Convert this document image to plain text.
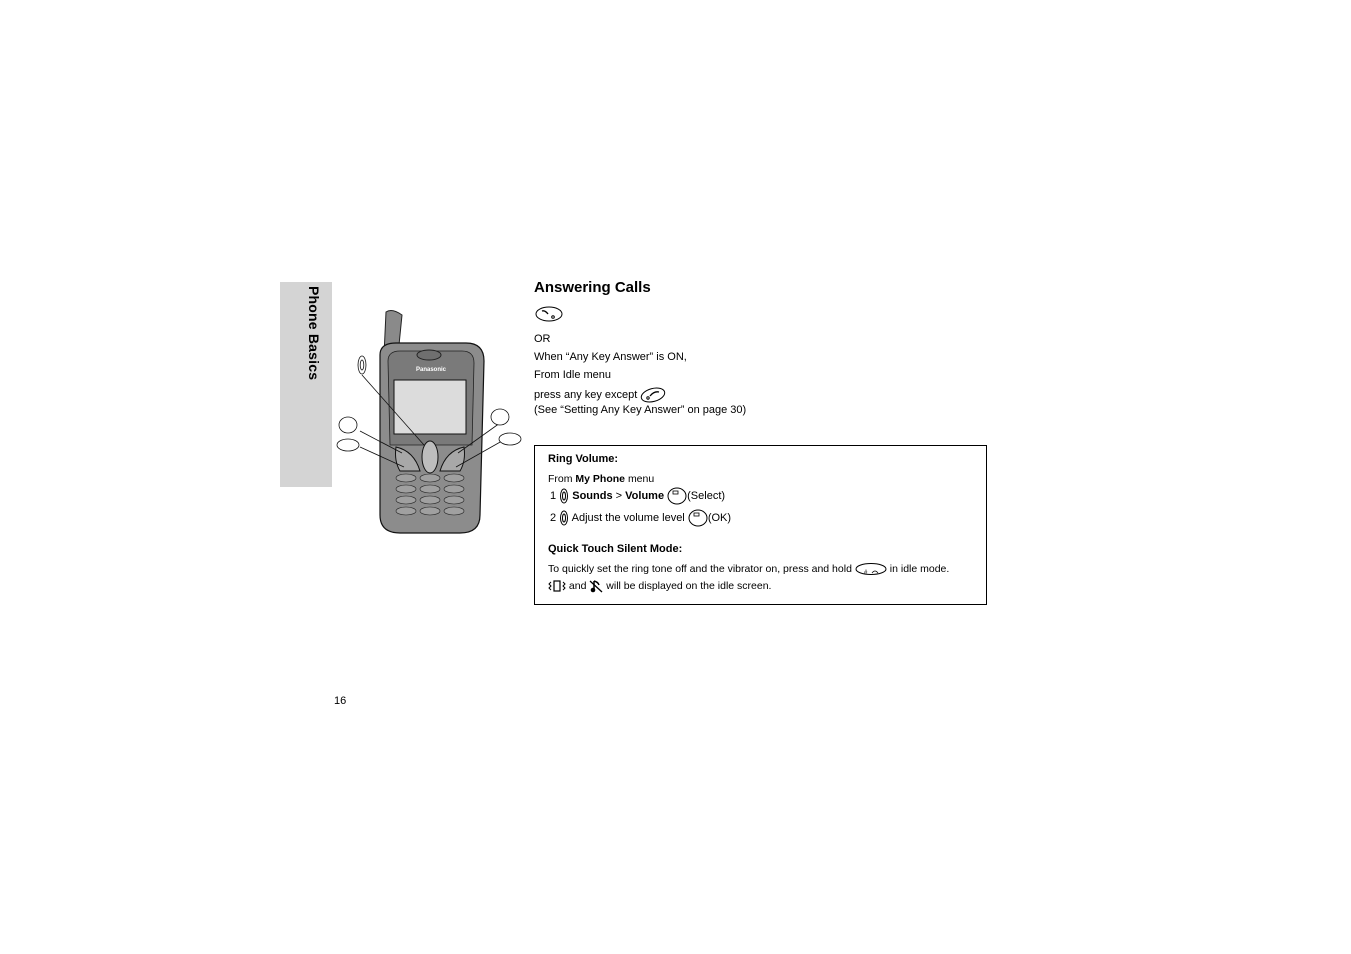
Phone Basics	Panasonic
Answering Calls
OR
When “Any Key Answer” is ON,
From Idle menu
press any key except
(See “Setting Any Key Answer” on page 30)
Ring Volume:
From My Phone menu
1 Sounds > Volume (Select)
2 Adjust the volume level (OK)
Quick Touch Silent Mode:
To quickly set the ring tone off and the vibrator on, press and hold # in idle mode.
and will be displayed on the idle screen.
16
